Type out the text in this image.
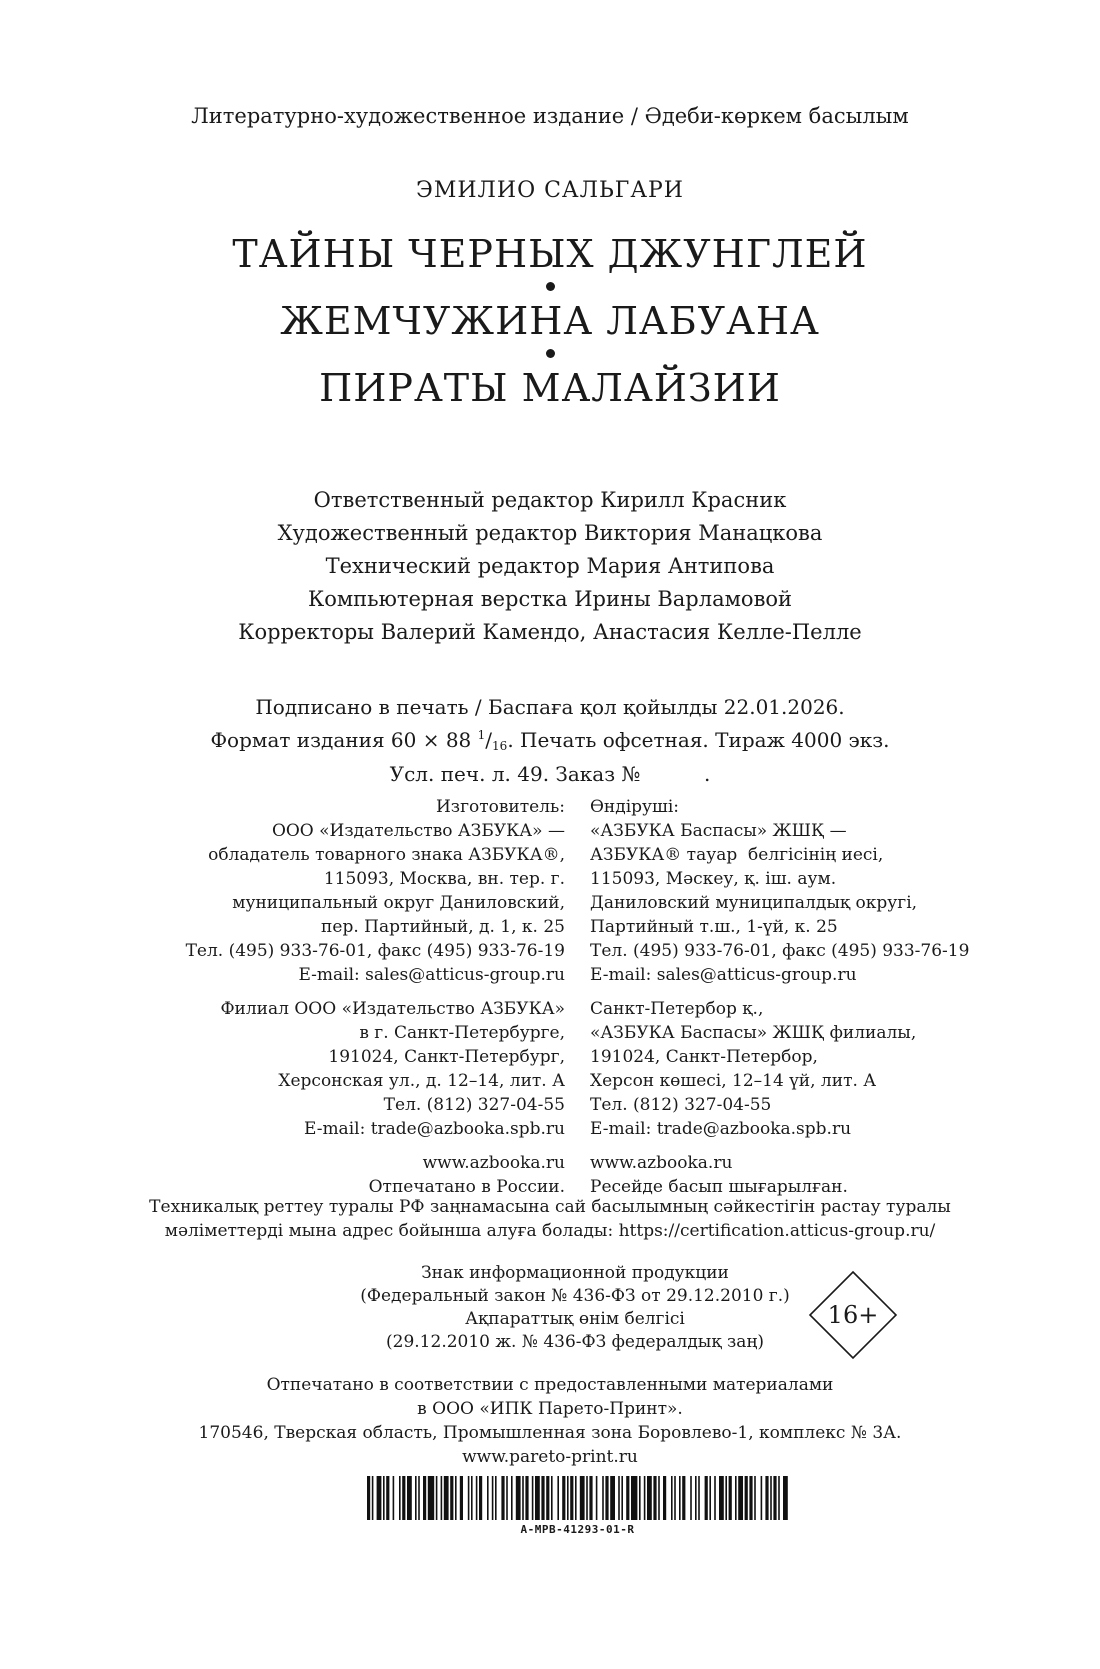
Литературно-художественное издание / Әдеби-көркем басылым
ЭМИЛИО САЛЬГАРИ
ТАЙНЫ ЧЕРНЫХ ДЖУНГЛЕЙ
ЖЕМЧУЖИНА ЛАБУАНА
ПИРАТЫ МАЛАЙЗИИ
Ответственный редактор Кирилл Красник
Художественный редактор Виктория Манацкова
Технический редактор Мария Антипова
Компьютерная верстка Ирины Варламовой
Корректоры Валерий Камендо, Анастасия Келле-Пелле
Подписано в печать / Баспаға қол қойылды 22.01.2026.
Формат издания 60 × 88 $^1/_{16}$. Печать офсетная. Тираж 4000 экз.
Усл. печ. л. 49. Заказ №          .
Изготовитель:
ООО «Издательство АЗБУКА» —
обладатель товарного знака АЗБУКА®,
115093, Москва, вн. тер. г.
муниципальный округ Даниловский,
пер. Партийный, д. 1, к. 25
Тел. (495) 933-76-01, факс (495) 933-76-19
E-mail: sales@atticus-group.ru
Филиал ООО «Издательство АЗБУКА»
в г. Санкт-Петербурге,
191024, Санкт-Петербург,
Херсонская ул., д. 12–14, лит. А
Тел. (812) 327-04-55
E-mail: trade@azbooka.spb.ru
www.azbooka.ru
Отпечатано в России.
Өндіруші:
«АЗБУКА Баспасы» ЖШҚ —
АЗБУКА® тауар  белгісінің иесі,
115093, Мәскеу, қ. іш. аум.
Даниловский муниципалдық округі,
Партийный т.ш., 1-үй, к. 25
Тел. (495) 933-76-01, факс (495) 933-76-19
E-mail: sales@atticus-group.ru
Санкт-Петербор қ.,
«АЗБУКА Баспасы» ЖШҚ филиалы,
191024, Санкт-Петербор,
Херсон көшесі, 12–14 үй, лит. А
Тел. (812) 327-04-55
E-mail: trade@azbooka.spb.ru
www.azbooka.ru
Ресейде басып шығарылған.
Техникалық реттеу туралы РФ заңнамасына сай басылымның сәйкестігін растау туралы
мәліметтерді мына адрес бойынша алуға болады: https://certification.atticus-group.ru/
Знак информационной продукции
(Федеральный закон № 436-ФЗ от 29.12.2010 г.)
Ақпараттық өнім белгісі
(29.12.2010 ж. № 436-ФЗ федералдық заң)
16+
Отпечатано в соответствии с предоставленными материалами
в ООО «ИПК Парето-Принт».
170546, Тверская область, Промышленная зона Боровлево-1, комплекс № 3А.
www.pareto-print.ru
A-MPB-41293-01-R
